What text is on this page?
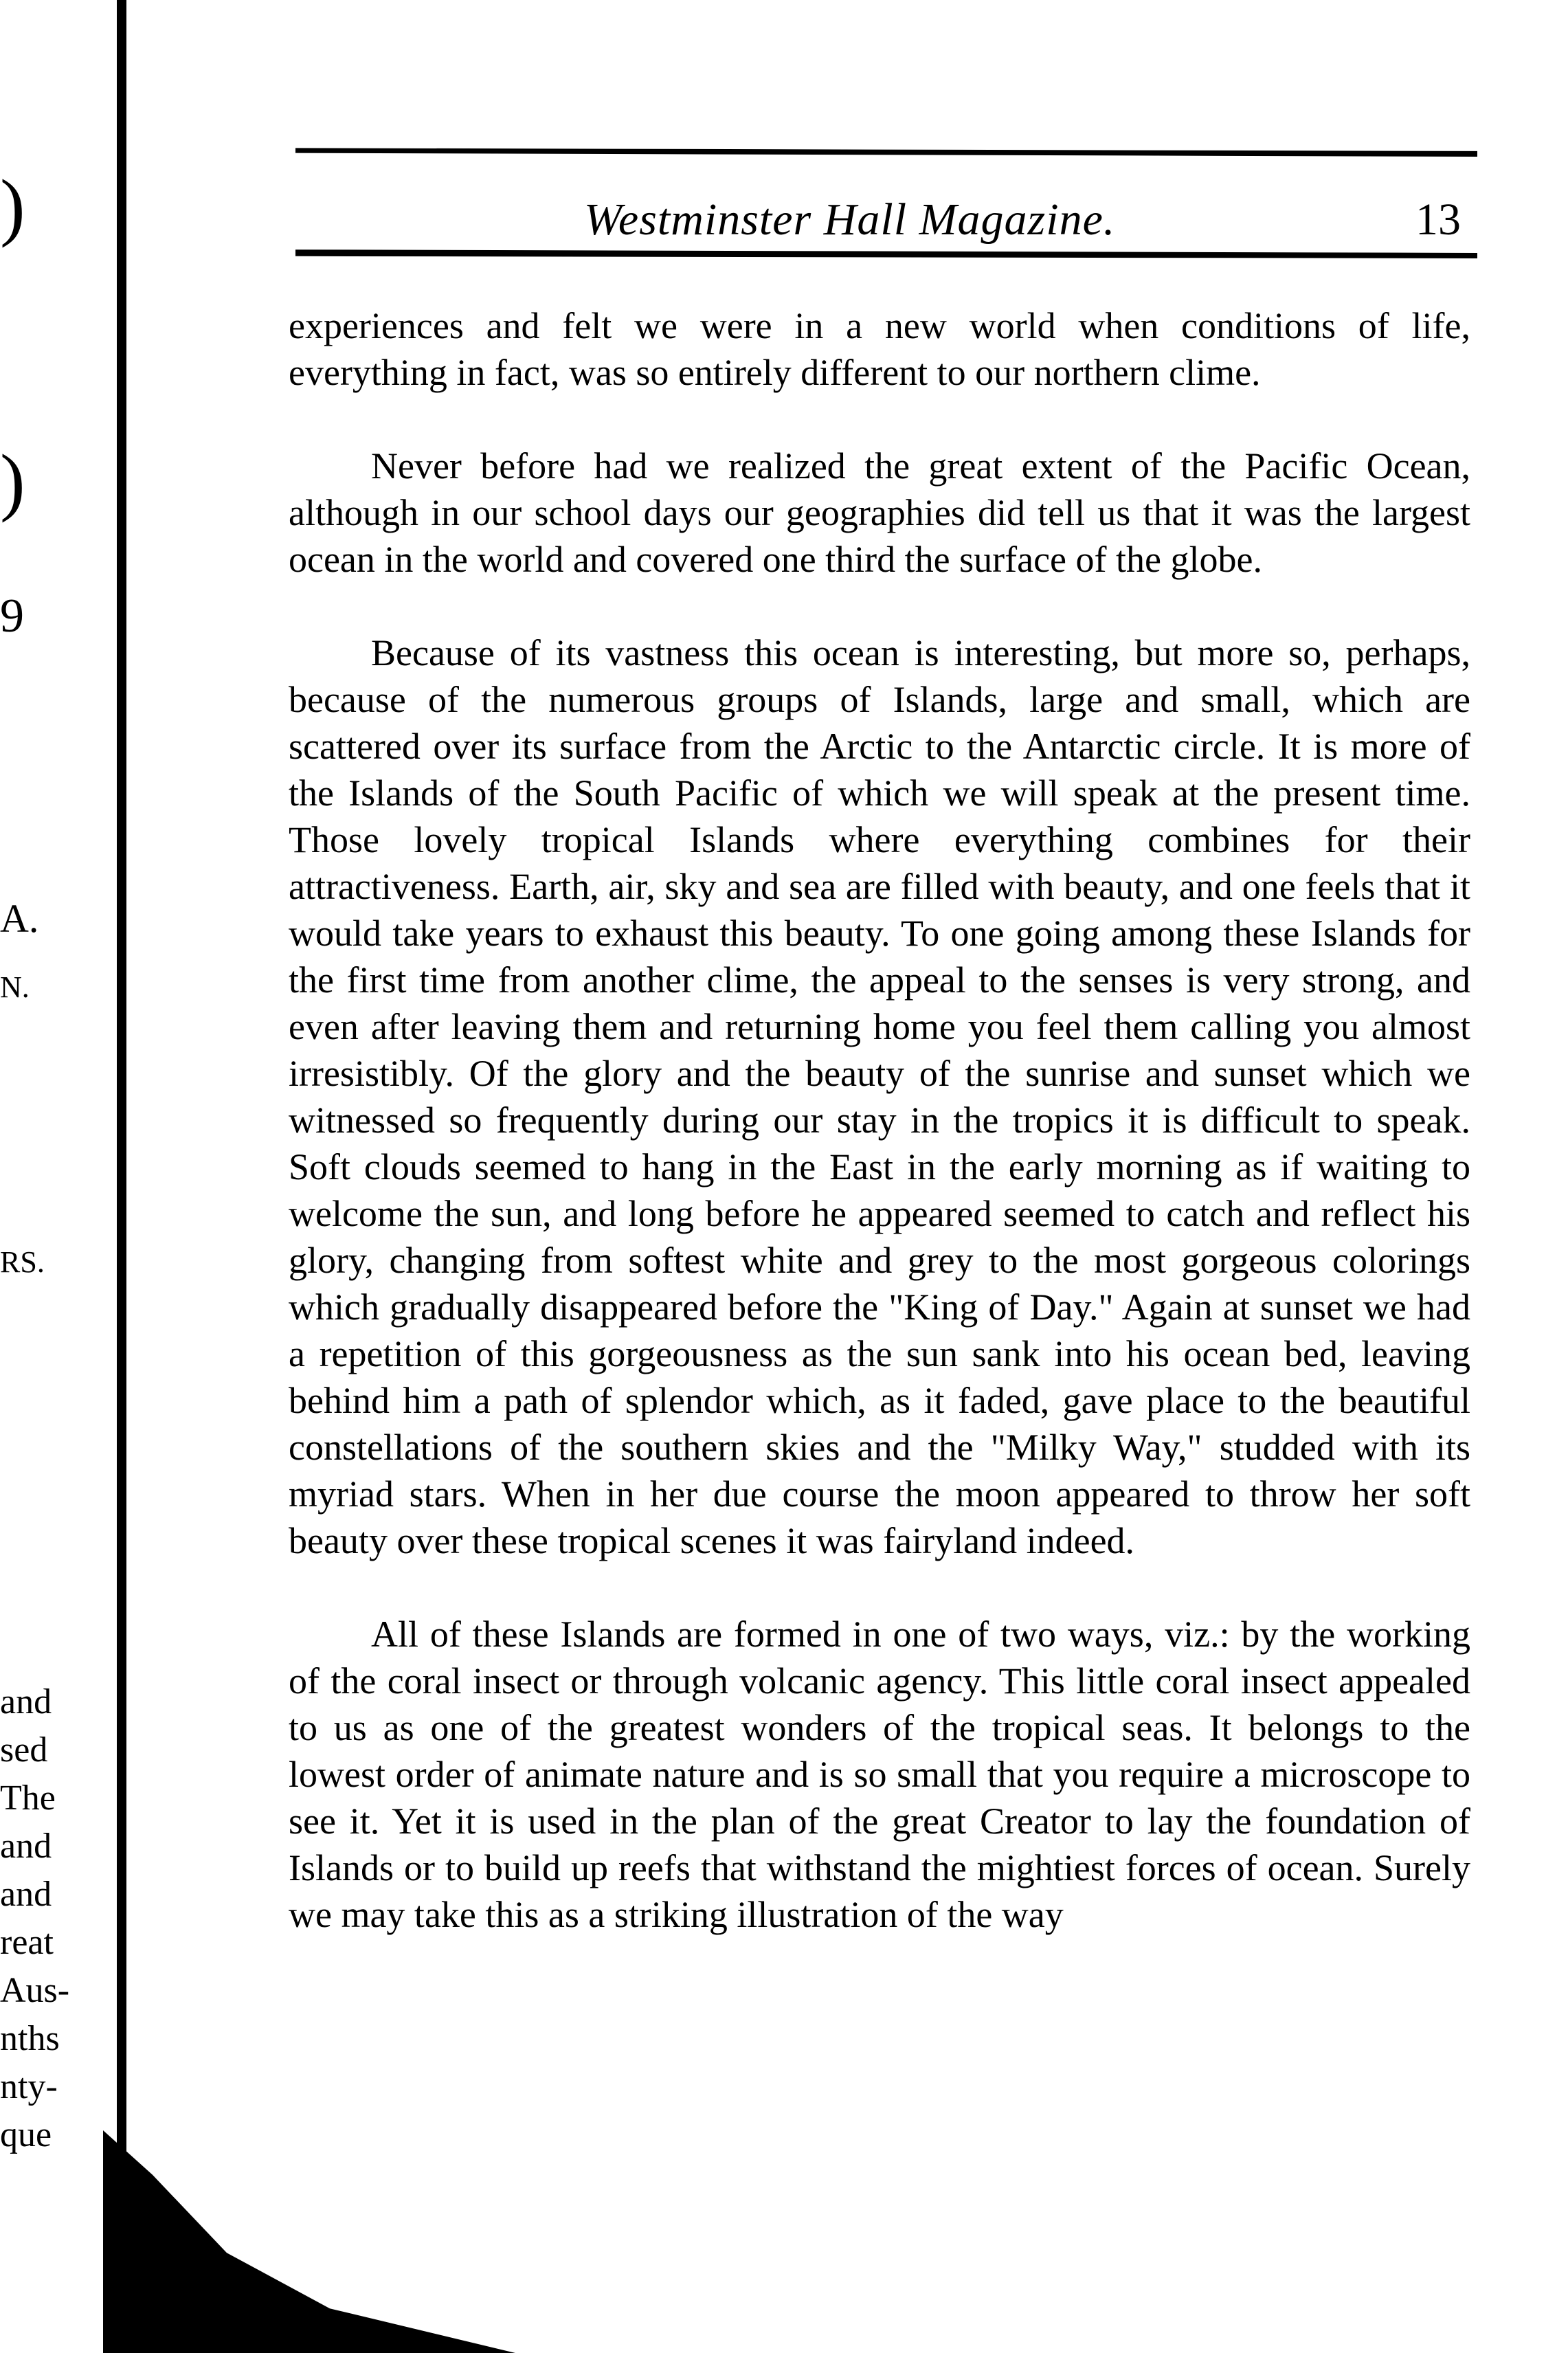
)
)
9
A.
N.
RS.
and
sed
The
and
and
reat
Aus-
nths
nty-
que
Westminster Hall Magazine.	13

experiences and felt we were in a new world when conditions of life, everything in fact, was so entirely different to our northern clime.

Never before had we realized the great extent of the Pacific Ocean, although in our school days our geographies did tell us that it was the largest ocean in the world and covered one third the surface of the globe.

Because of its vastness this ocean is interesting, but more so, perhaps, because of the numerous groups of Islands, large and small, which are scattered over its surface from the Arctic to the Antarctic circle. It is more of the Islands of the South Pacific of which we will speak at the present time. Those lovely tropical Islands where everything combines for their attractiveness. Earth, air, sky and sea are filled with beauty, and one feels that it would take years to exhaust this beauty. To one going among these Islands for the first time from another clime, the appeal to the senses is very strong, and even after leaving them and returning home you feel them calling you almost irresistibly. Of the glory and the beauty of the sunrise and sunset which we witnessed so frequently during our stay in the tropics it is difficult to speak. Soft clouds seemed to hang in the East in the early morning as if waiting to welcome the sun, and long before he appeared seemed to catch and reflect his glory, changing from softest white and grey to the most gorgeous colorings which gradually disappeared before the "King of Day." Again at sunset we had a repetition of this gorgeousness as the sun sank into his ocean bed, leaving behind him a path of splendor which, as it faded, gave place to the beautiful constellations of the southern skies and the "Milky Way," studded with its myriad stars. When in her due course the moon appeared to throw her soft beauty over these tropical scenes it was fairyland indeed.

All of these Islands are formed in one of two ways, viz.: by the working of the coral insect or through volcanic agency. This little coral insect appealed to us as one of the greatest wonders of the tropical seas. It belongs to the lowest order of animate nature and is so small that you require a microscope to see it. Yet it is used in the plan of the great Creator to lay the foundation of Islands or to build up reefs that withstand the mightiest forces of ocean. Surely we may take this as a striking illustration of the way
